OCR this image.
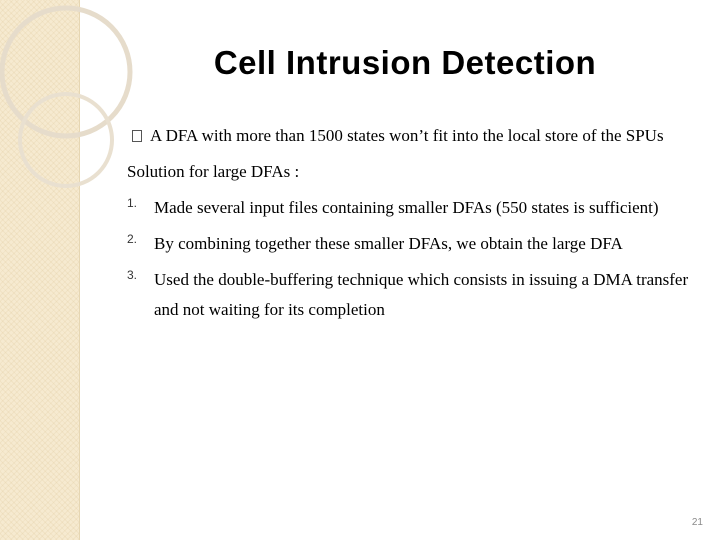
Cell Intrusion Detection
A DFA with more than 1500 states won’t fit into the local store of the SPUs
Solution for large DFAs :
1. Made several input files containing smaller DFAs (550 states is sufficient)
2. By combining together these smaller DFAs, we obtain the large DFA
3. Used the double-buffering technique which consists in issuing a DMA transfer and not waiting for its completion
21
